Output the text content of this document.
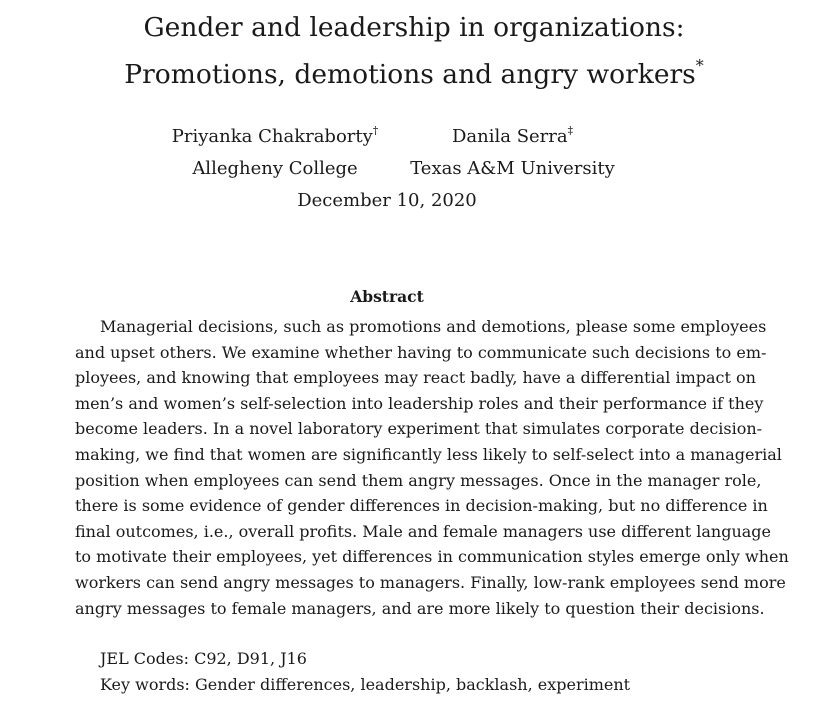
Gender and leadership in organizations:
Promotions, demotions and angry workers*
Priyanka Chakraborty†
Allegheny College
Danila Serra‡
Texas A&M University
December 10, 2020
Abstract
Managerial decisions, such as promotions and demotions, please some employees
and upset others. We examine whether having to communicate such decisions to em-
ployees, and knowing that employees may react badly, have a differential impact on
men’s and women’s self-selection into leadership roles and their performance if they
become leaders. In a novel laboratory experiment that simulates corporate decision-
making, we find that women are significantly less likely to self-select into a managerial
position when employees can send them angry messages. Once in the manager role,
there is some evidence of gender differences in decision-making, but no difference in
final outcomes, i.e., overall profits. Male and female managers use different language
to motivate their employees, yet differences in communication styles emerge only when
workers can send angry messages to managers. Finally, low-rank employees send more
angry messages to female managers, and are more likely to question their decisions.
JEL Codes: C92, D91, J16
Key words: Gender differences, leadership, backlash, experiment
